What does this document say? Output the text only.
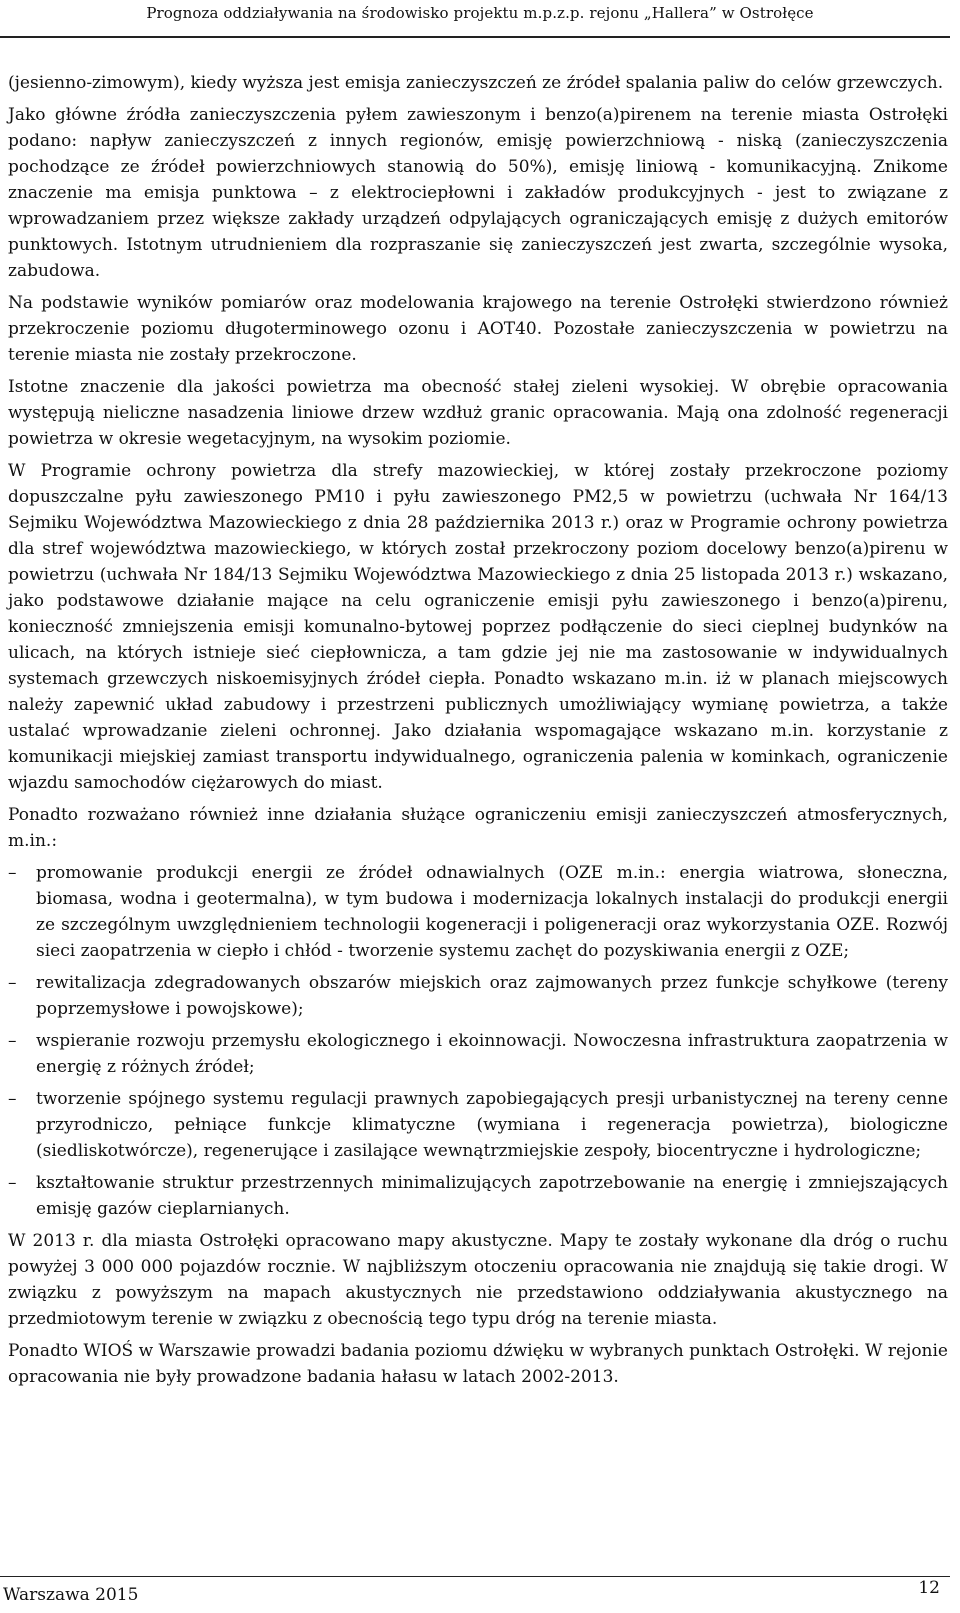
Prognoza oddziaływania na środowisko projektu m.p.z.p. rejonu „Hallera” w Ostrołęce

(jesienno-zimowym), kiedy wyższa jest emisja zanieczyszczeń ze źródeł spalania paliw do celów grzewczych.

Jako główne źródła zanieczyszczenia pyłem zawieszonym i benzo(a)pirenem na terenie miasta Ostrołęki podano: napływ zanieczyszczeń z innych regionów, emisję powierzchniową - niską (zanieczyszczenia pochodzące ze źródeł powierzchniowych stanowią do 50%), emisję liniową - komunikacyjną. Znikome znaczenie ma emisja punktowa – z elektrociepłowni i zakładów produkcyjnych - jest to związane z wprowadzaniem przez większe zakłady urządzeń odpylających ograniczających emisję z dużych emitorów punktowych. Istotnym utrudnieniem dla rozpraszanie się zanieczyszczeń jest zwarta, szczególnie wysoka, zabudowa.

Na podstawie wyników pomiarów oraz modelowania krajowego na terenie Ostrołęki stwierdzono również przekroczenie poziomu długoterminowego ozonu i AOT40. Pozostałe zanieczyszczenia w powietrzu na terenie miasta nie zostały przekroczone.

Istotne znaczenie dla jakości powietrza ma obecność stałej zieleni wysokiej. W obrębie opracowania występują nieliczne nasadzenia liniowe drzew wzdłuż granic opracowania. Mają ona zdolność regeneracji powietrza w okresie wegetacyjnym, na wysokim poziomie.

W Programie ochrony powietrza dla strefy mazowieckiej, w której zostały przekroczone poziomy dopuszczalne pyłu zawieszonego PM10 i pyłu zawieszonego PM2,5 w powietrzu (uchwała Nr 164/13 Sejmiku Województwa Mazowieckiego z dnia 28 października 2013 r.) oraz w Programie ochrony powietrza dla stref województwa mazowieckiego, w których został przekroczony poziom docelowy benzo(a)pirenu w powietrzu (uchwała Nr 184/13 Sejmiku Województwa Mazowieckiego z dnia 25 listopada 2013 r.) wskazano, jako podstawowe działanie mające na celu ograniczenie emisji pyłu zawieszonego i benzo(a)pirenu, konieczność zmniejszenia emisji komunalno-bytowej poprzez podłączenie do sieci cieplnej budynków na ulicach, na których istnieje sieć ciepłownicza, a tam gdzie jej nie ma zastosowanie w indywidualnych systemach grzewczych niskoemisyjnych źródeł ciepła. Ponadto wskazano m.in. iż w planach miejscowych należy zapewnić układ zabudowy i przestrzeni publicznych umożliwiający wymianę powietrza, a także ustalać wprowadzanie zieleni ochronnej. Jako działania wspomagające wskazano m.in. korzystanie z komunikacji miejskiej zamiast transportu indywidualnego, ograniczenia palenia w kominkach, ograniczenie wjazdu samochodów ciężarowych do miast.

Ponadto rozważano również inne działania służące ograniczeniu emisji zanieczyszczeń atmosferycznych, m.in.:

–	promowanie produkcji energii ze źródeł odnawialnych (OZE m.in.: energia wiatrowa, słoneczna, biomasa, wodna i geotermalna), w tym budowa i modernizacja lokalnych instalacji do produkcji energii ze szczególnym uwzględnieniem technologii kogeneracji i poligeneracji oraz wykorzystania OZE. Rozwój sieci zaopatrzenia w ciepło i chłód - tworzenie systemu zachęt do pozyskiwania energii z OZE;
–	rewitalizacja zdegradowanych obszarów miejskich oraz zajmowanych przez funkcje schyłkowe (tereny poprzemysłowe i powojskowe);
–	wspieranie rozwoju przemysłu ekologicznego i ekoinnowacji. Nowoczesna infrastruktura zaopatrzenia w energię z różnych źródeł;
–	tworzenie spójnego systemu regulacji prawnych zapobiegających presji urbanistycznej na tereny cenne przyrodniczo, pełniące funkcje klimatyczne (wymiana i regeneracja powietrza), biologiczne (siedliskotwórcze), regenerujące i zasilające wewnątrzmiejskie zespoły, biocentryczne i hydrologiczne;
–	kształtowanie struktur przestrzennych minimalizujących zapotrzebowanie na energię i zmniejszających emisję gazów cieplarnianych.

W 2013 r. dla miasta Ostrołęki opracowano mapy akustyczne. Mapy te zostały wykonane dla dróg o ruchu powyżej 3 000 000 pojazdów rocznie. W najbliższym otoczeniu opracowania nie znajdują się takie drogi. W związku z powyższym na mapach akustycznych nie przedstawiono oddziaływania akustycznego na przedmiotowym terenie w związku z obecnością tego typu dróg na terenie miasta.

Ponadto WIOŚ w Warszawie prowadzi badania poziomu dźwięku w wybranych punktach Ostrołęki. W rejonie opracowania nie były prowadzone badania hałasu w latach 2002-2013.

Warszawa 2015	12
